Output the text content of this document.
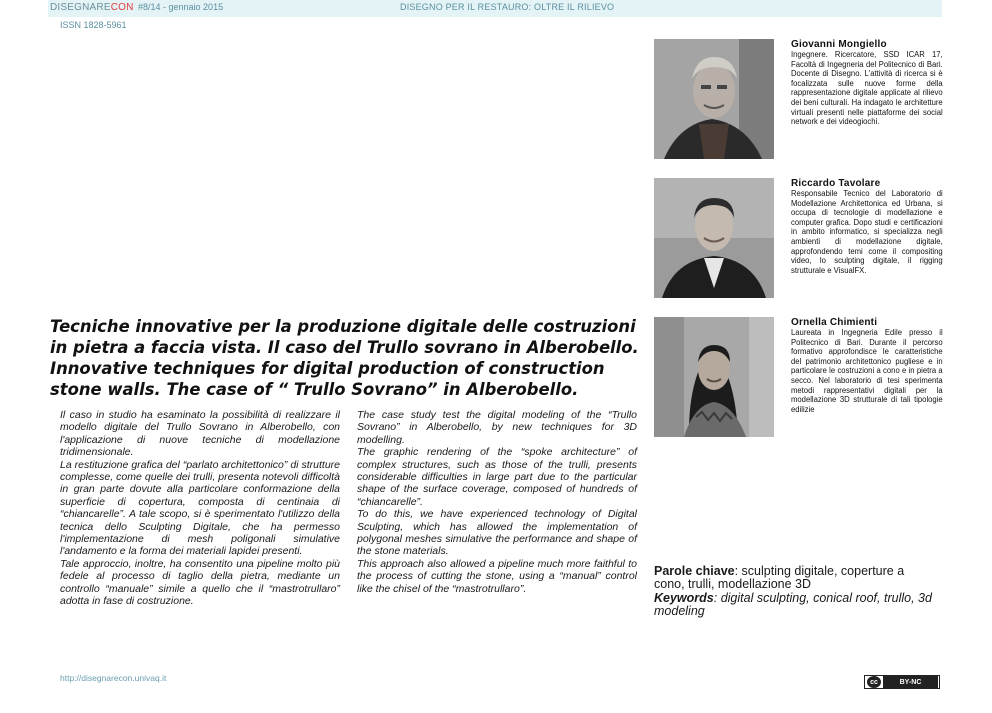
DISEGNARECON #8/14 - gennaio 2015	DISEGNO PER IL RESTAURO: OLTRE IL RILIEVO
ISSN 1828-5961
Giovanni Mongiello
Ingegnere. Ricercatore, SSD ICAR 17, Facoltà di Ingegneria del Politecnico di Bari. Docente di Disegno. L'attività di ricerca si è focalizzata sulle nuove forme della rappresentazione digitale applicate al rilievo dei beni culturali. Ha indagato le architetture virtuali presenti nelle piattaforme dei social network e dei videogiochi.
Riccardo Tavolare
Responsabile Tecnico del Laboratorio di Modellazione Architettonica ed Urbana, si occupa di tecnologie di modellazione e computer grafica. Dopo studi e certificazioni in ambito informatico, si specializza negli ambienti di modellazione digitale, approfondendo temi come il compositing video, lo sculpting digitale, il rigging strutturale e VisualFX.
Ornella Chimienti
Laureata in Ingegneria Edile presso il Politecnico di Bari. Durante il percorso formativo approfondisce le caratteristiche del patrimonio architettonico pugliese e in particolare le costruzioni a cono e in pietra a secco. Nel laboratorio di tesi sperimenta metodi rappresentativi digitali per la modellazione 3D strutturale di tali tipologie edilizie
Tecniche innovative per la produzione digitale delle costruzioni in pietra a faccia vista. Il caso del Trullo sovrano in Alberobello. Innovative techniques for digital production of construction stone walls. The case of “ Trullo Sovrano” in Alberobello.

Il caso in studio ha esaminato la possibilità di realizzare il modello digitale del Trullo Sovrano in Alberobello, con l'applicazione di nuove tecniche di modellazione tridimensionale.

La restituzione grafica del “parlato architettonico” di strutture complesse, come quelle dei trulli, presenta notevoli difficoltà in gran parte dovute alla particolare conformazione della superficie di copertura, composta di centinaia di “chiancarelle”. A tale scopo, si è sperimentato l'utilizzo della tecnica dello Sculpting Digitale, che ha permesso l'implementazione di mesh poligonali simulative l'andamento e la forma dei materiali lapidei presenti.

Tale approccio, inoltre, ha consentito una pipeline molto più fedele al processo di taglio della pietra, mediante un controllo “manuale” simile a quello che il “mastrotrullaro” adotta in fase di costruzione.

The case study test the digital modeling of the “Trullo Sovrano” in Alberobello, by new techniques for 3D modelling.

The graphic rendering of the “spoke architecture” of complex structures, such as those of the trulli, presents considerable difficulties in large part due to the particular shape of the surface coverage, composed of hundreds of “chiancarelle”.

To do this, we have experienced technology of Digital Sculpting, which has allowed the implementation of polygonal meshes simulative the performance and shape of the stone materials.

This approach also allowed a pipeline much more faithful to the process of cutting the stone, using a “manual” control like the chisel of the “mastrotrullaro”.

Parole chiave: sculpting digitale, coperture a cono, trulli, modellazione 3D
Keywords: digital sculpting, conical roof, trullo, 3d modeling
http://disegnarecon.univaq.it	cc	BY-NC
